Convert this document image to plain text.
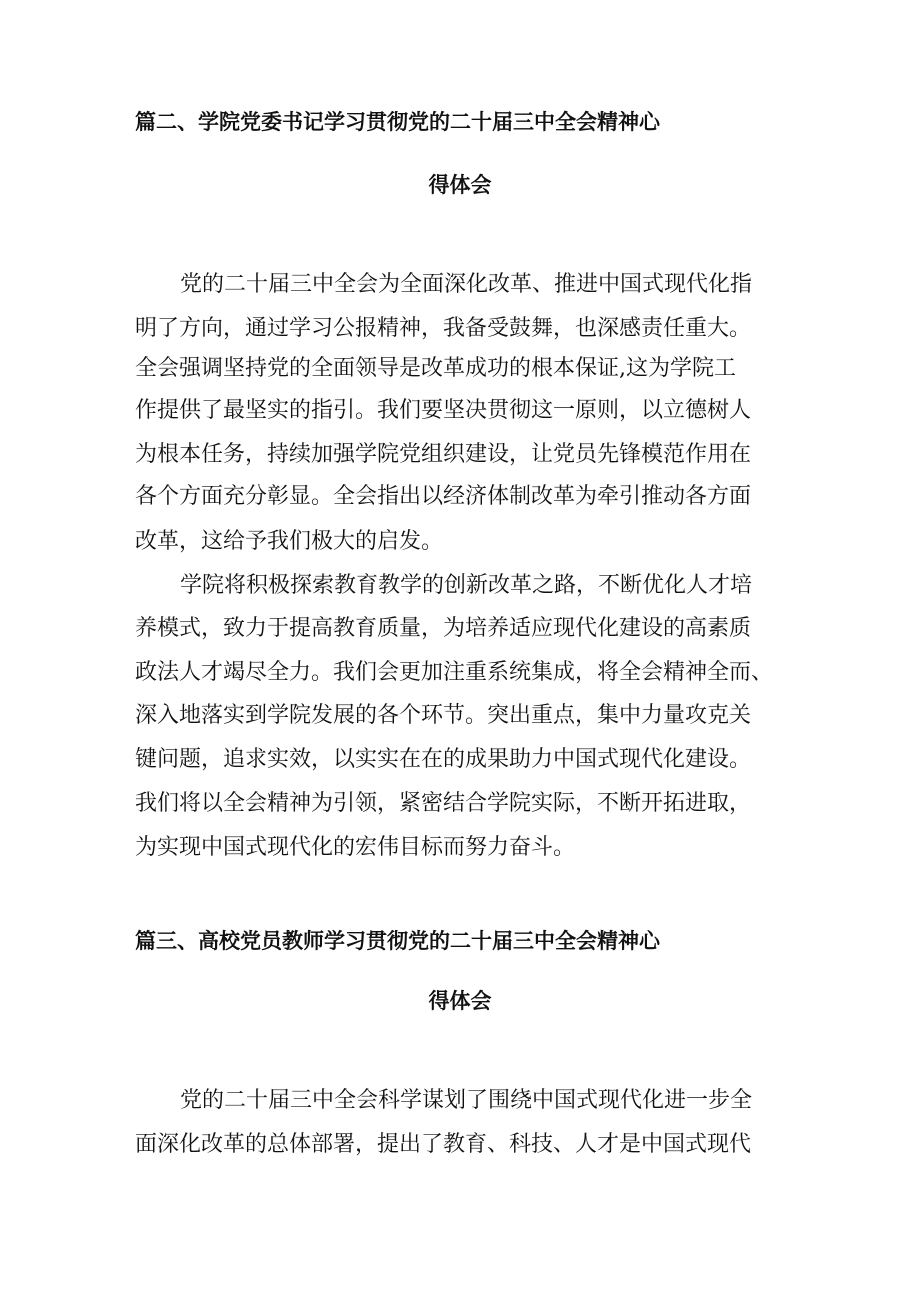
篇二、学院党委书记学习贯彻党的二十届三中全会精神心
得体会

党的二十届三中全会为全面深化改革、推进中国式现代化指

明了方向，通过学习公报精神，我备受鼓舞，也深感责任重大。

全会强调坚持党的全面领导是改革成功的根本保证,这为学院工

作提供了最坚实的指引。我们要坚决贯彻这一原则，以立德树人

为根本任务，持续加强学院党组织建设，让党员先锋模范作用在

各个方面充分彰显。全会指出以经济体制改革为牵引推动各方面

改革，这给予我们极大的启发。

学院将积极探索教育教学的创新改革之路，不断优化人才培

养模式，致力于提高教育质量，为培养适应现代化建设的高素质

政法人才竭尽全力。我们会更加注重系统集成，将全会精神全而、

深入地落实到学院发展的各个环节。突出重点，集中力量攻克关

键问题，追求实效，以实实在在的成果助力中国式现代化建设。

我们将以全会精神为引领，紧密结合学院实际，不断开拓进取，

为实现中国式现代化的宏伟目标而努力奋斗。

篇三、高校党员教师学习贯彻党的二十届三中全会精神心
得体会

党的二十届三中全会科学谋划了围绕中国式现代化进一步全

面深化改革的总体部署，提出了教育、科技、人才是中国式现代
